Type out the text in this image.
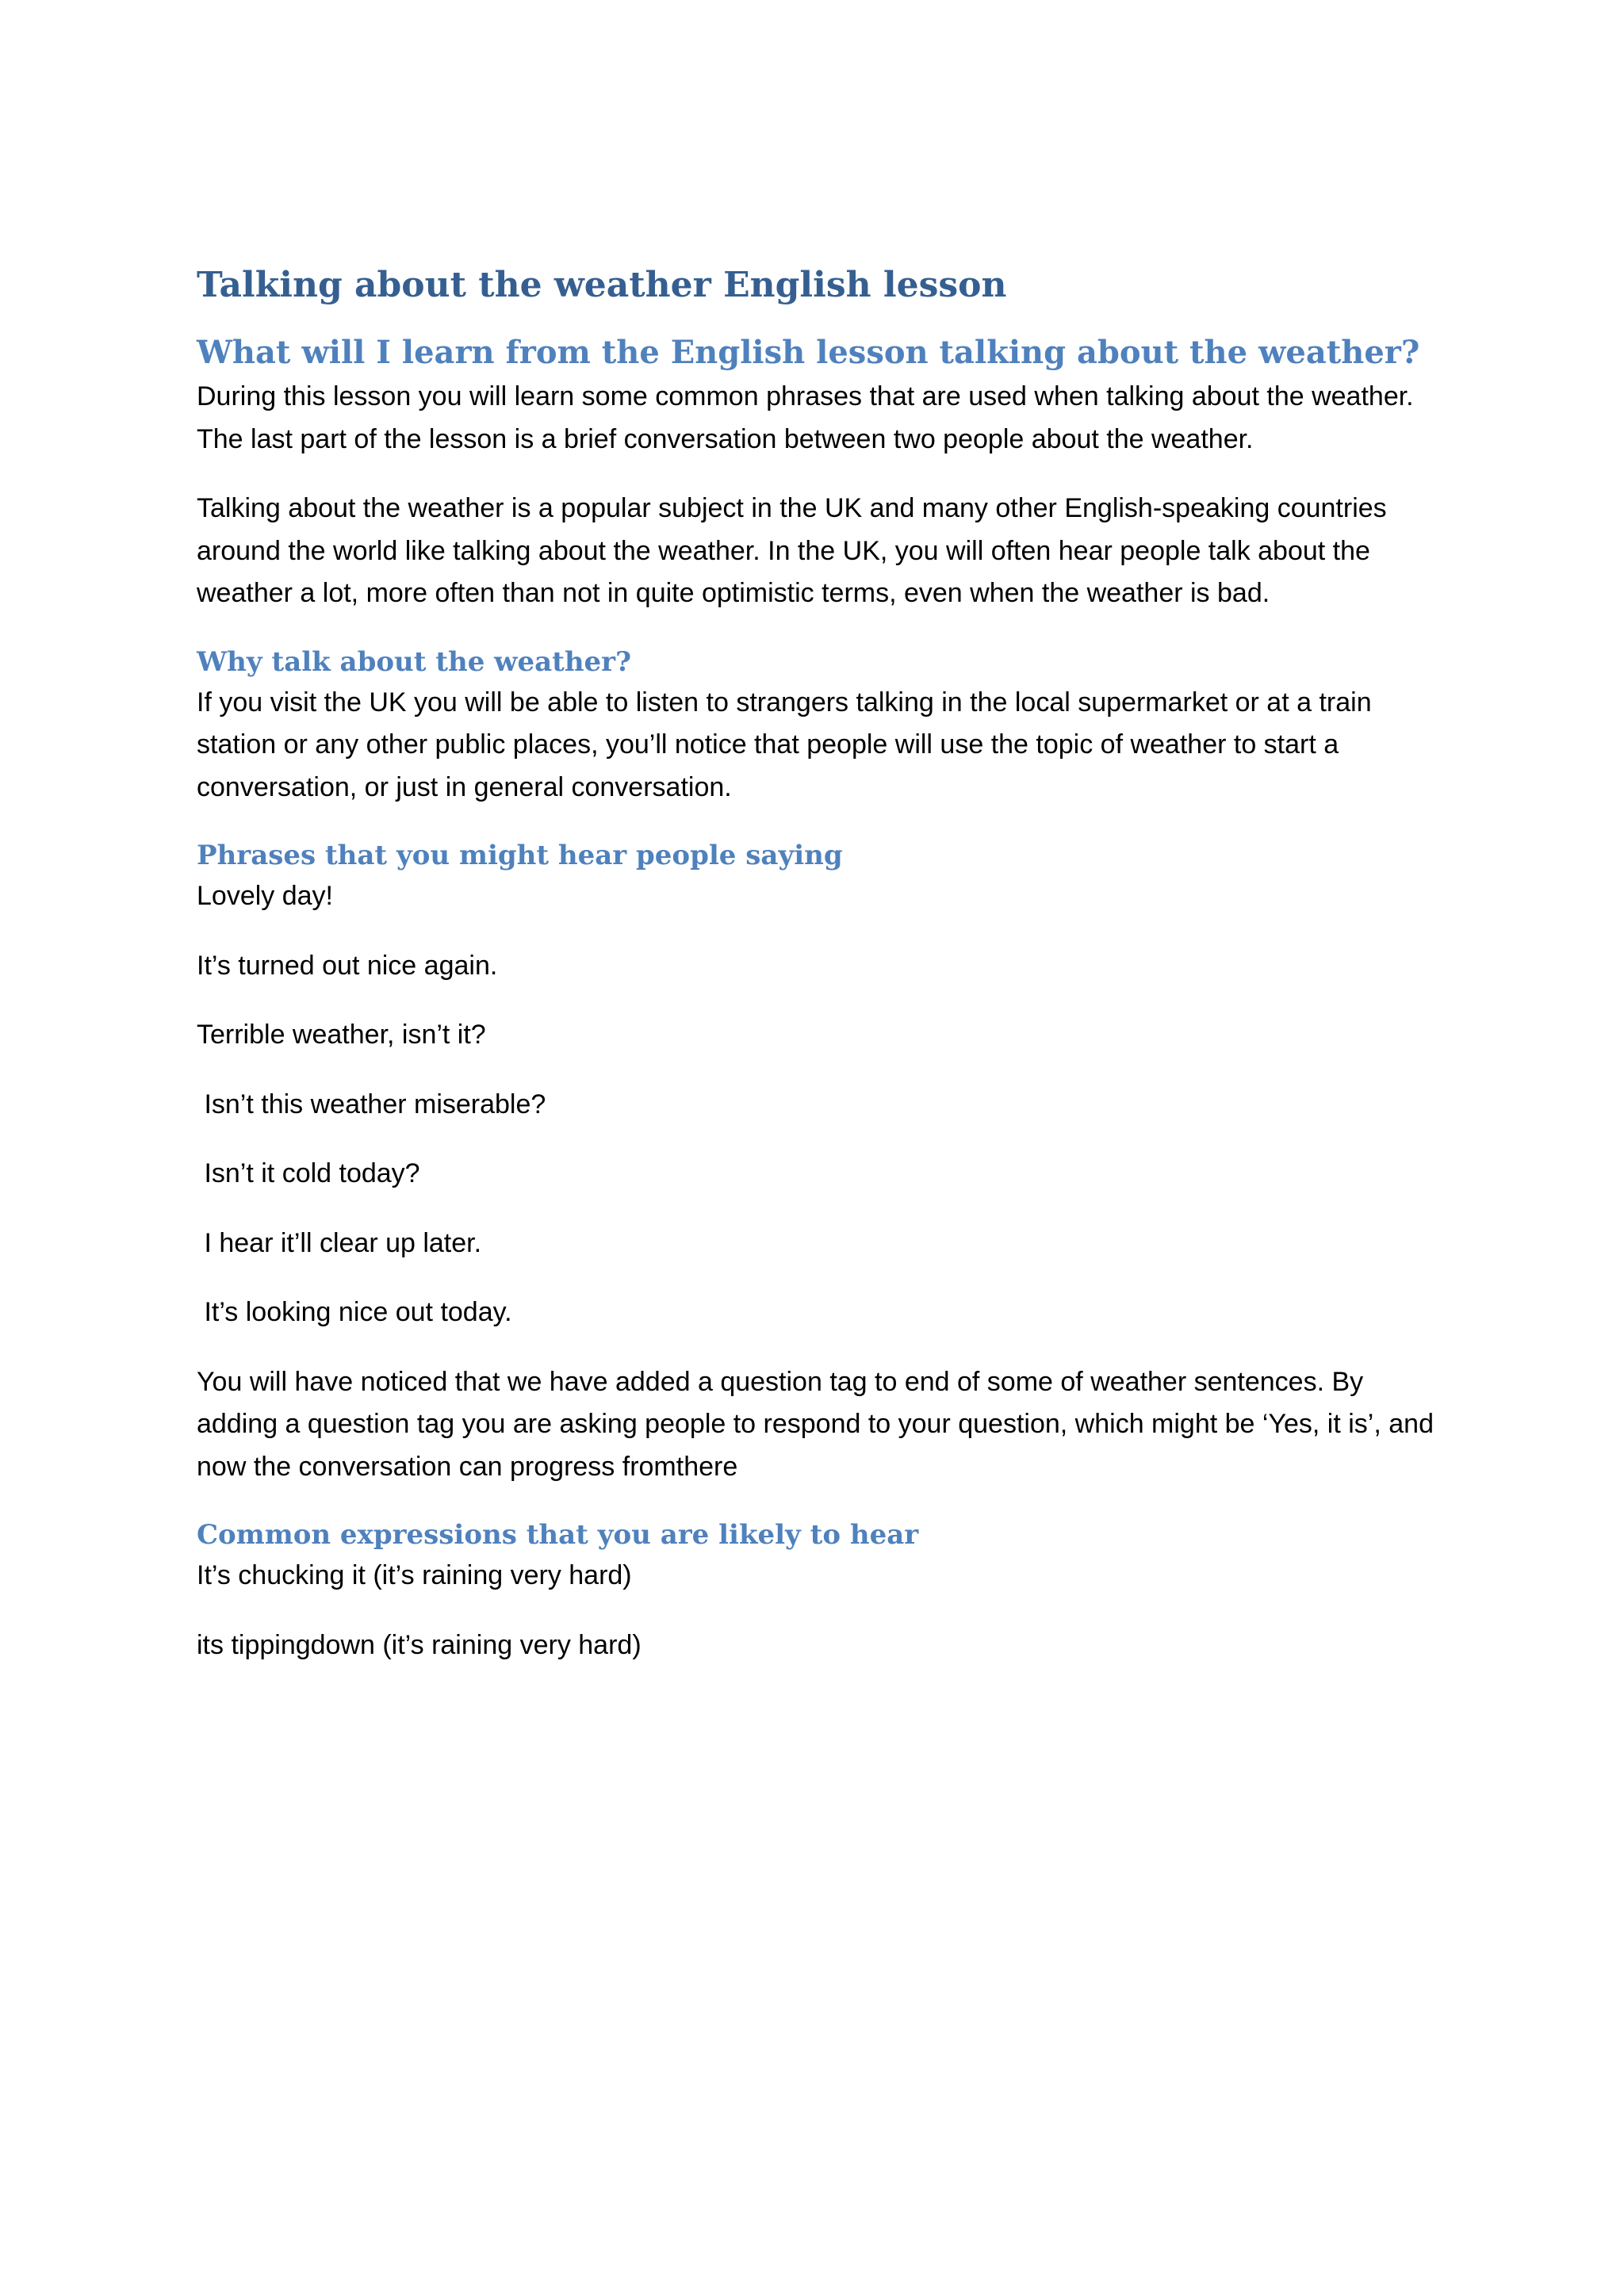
Talking about the weather English lesson
What will I learn from the English lesson talking about the weather?

During this lesson you will learn some common phrases that are used when talking about the weather. The last part of the lesson is a brief conversation between two people about the weather.

Talking about the weather is a popular subject in the UK and many other English-speaking countries around the world like talking about the weather. In the UK, you will often hear people talk about the weather a lot, more often than not in quite optimistic terms, even when the weather is bad.

Why talk about the weather?

If you visit the UK you will be able to listen to strangers talking in the local supermarket or at a train station or any other public places, you’ll notice that people will use the topic of weather to start a conversation, or just in general conversation.

Phrases that you might hear people saying

Lovely day!

It’s turned out nice again.

Terrible weather, isn’t it?

Isn’t this weather miserable?

Isn’t it cold today?

I hear it’ll clear up later.

It’s looking nice out today.

You will have noticed that we have added a question tag to end of some of weather sentences. By adding a question tag you are asking people to respond to your question, which might be ‘Yes, it is’, and now the conversation can progress fromthere

Common expressions that you are likely to hear

It’s chucking it (it’s raining very hard)

its tippingdown (it’s raining very hard)
